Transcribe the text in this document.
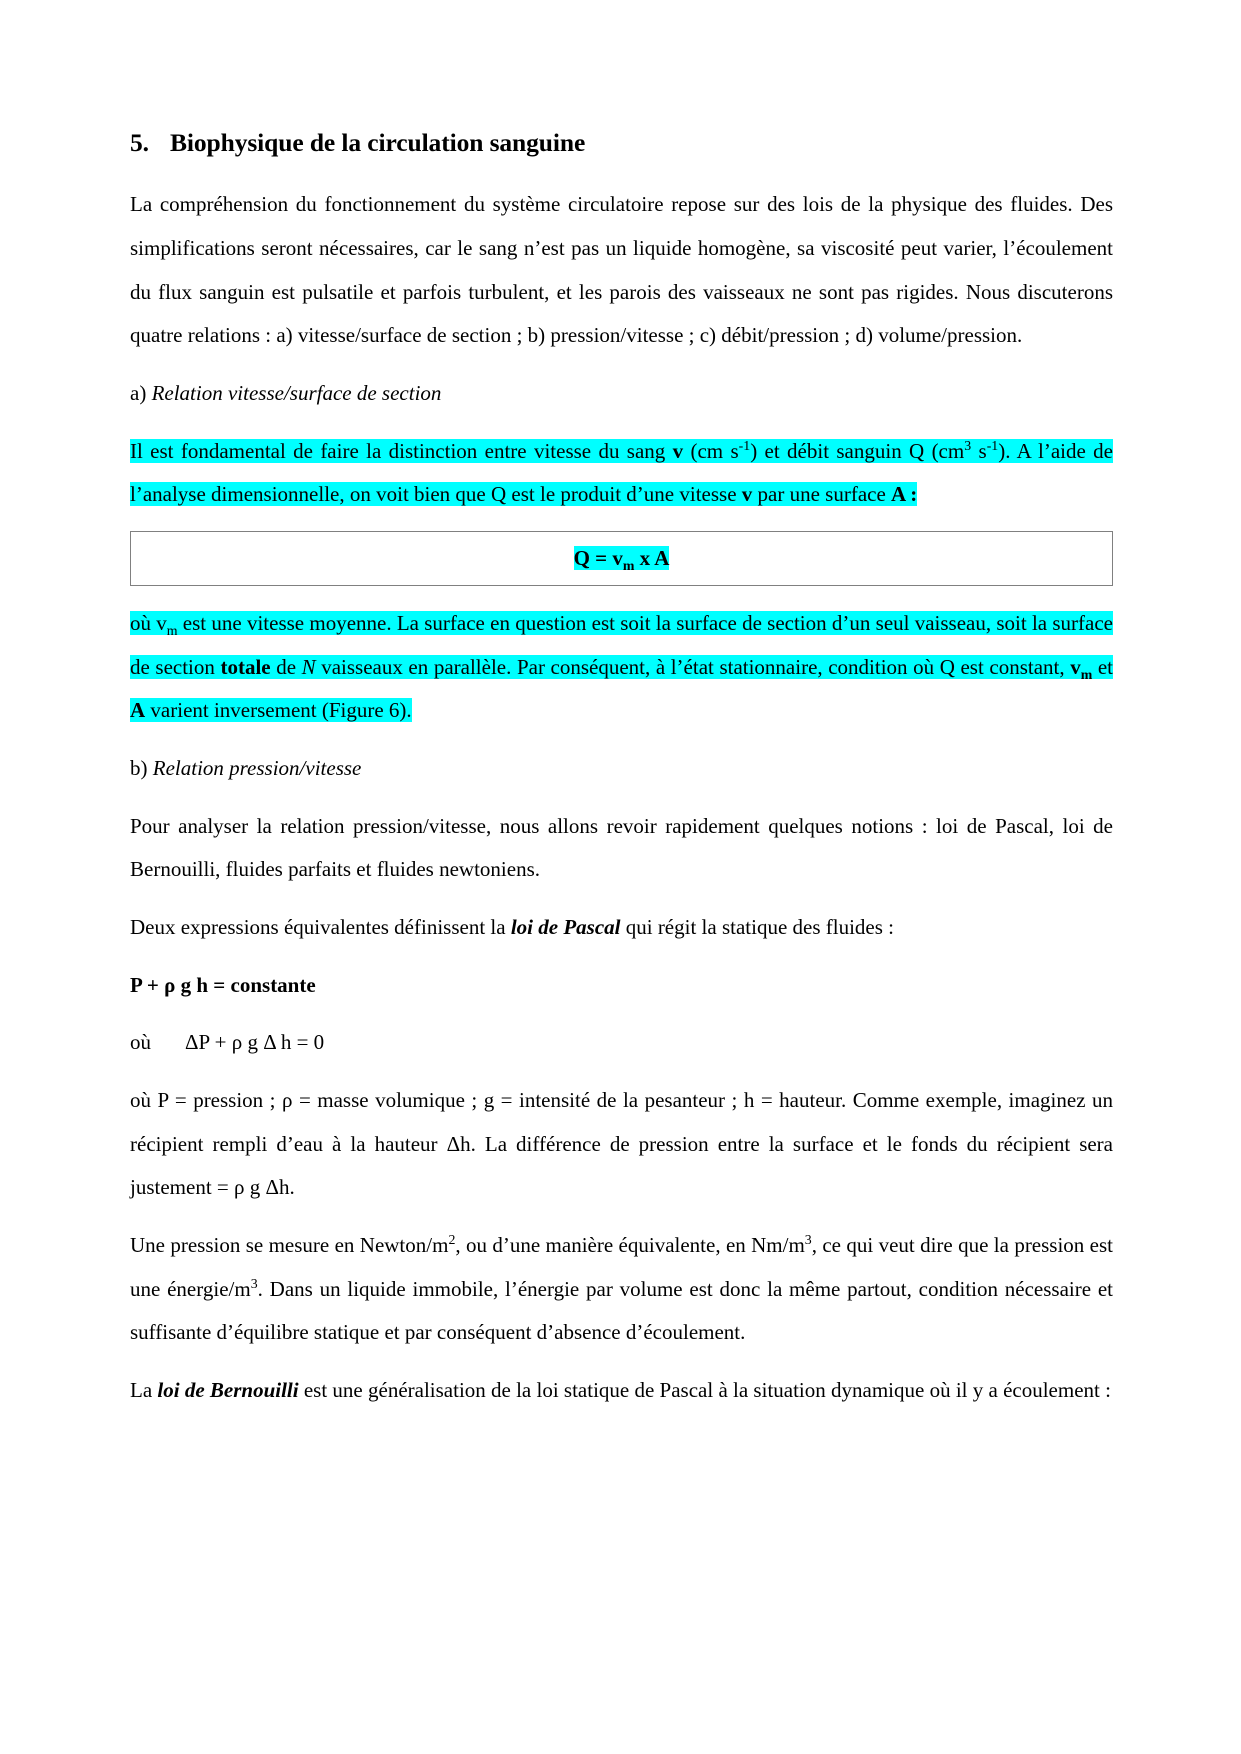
5. Biophysique de la circulation sanguine

La compréhension du fonctionnement du système circulatoire repose sur des lois de la physique des fluides. Des simplifications seront nécessaires, car le sang n’est pas un liquide homogène, sa viscosité peut varier, l’écoulement du flux sanguin est pulsatile et parfois turbulent, et les parois des vaisseaux ne sont pas rigides. Nous discuterons quatre relations : a) vitesse/surface de section ; b) pression/vitesse ; c) débit/pression ; d) volume/pression.

a) Relation vitesse/surface de section

Il est fondamental de faire la distinction entre vitesse du sang v (cm $s^{-1}$) et débit sanguin Q ($cm^3$ $s^{-1}$). A l’aide de l’analyse dimensionnelle, on voit bien que Q est le produit d’une vitesse v par une surface A :

$Q = v_m$ x A

où $v_m$ est une vitesse moyenne. La surface en question est soit la surface de section d’un seul vaisseau, soit la surface de section totale de N vaisseaux en parallèle. Par conséquent, à l’état stationnaire, condition où Q est constant, $v_m$ et A varient inversement (Figure 6).

b) Relation pression/vitesse

Pour analyser la relation pression/vitesse, nous allons revoir rapidement quelques notions : loi de Pascal, loi de Bernouilli, fluides parfaits et fluides newtoniens.

Deux expressions équivalentes définissent la loi de Pascal qui régit la statique des fluides :

P + ρ g h = constante
où ΔP + ρ g Δ h = 0

où P = pression ; ρ = masse volumique ; g = intensité de la pesanteur ; h = hauteur. Comme exemple, imaginez un récipient rempli d’eau à la hauteur Δh. La différence de pression entre la surface et le fonds du récipient sera justement = ρ g Δh.

Une pression se mesure en Newton/$m^2$, ou d’une manière équivalente, en $Nm/m^3$, ce qui veut dire que la pression est une énergie/$m^3$. Dans un liquide immobile, l’énergie par volume est donc la même partout, condition nécessaire et suffisante d’équilibre statique et par conséquent d’absence d’écoulement.

La loi de Bernouilli est une généralisation de la loi statique de Pascal à la situation dynamique où il y a écoulement :
